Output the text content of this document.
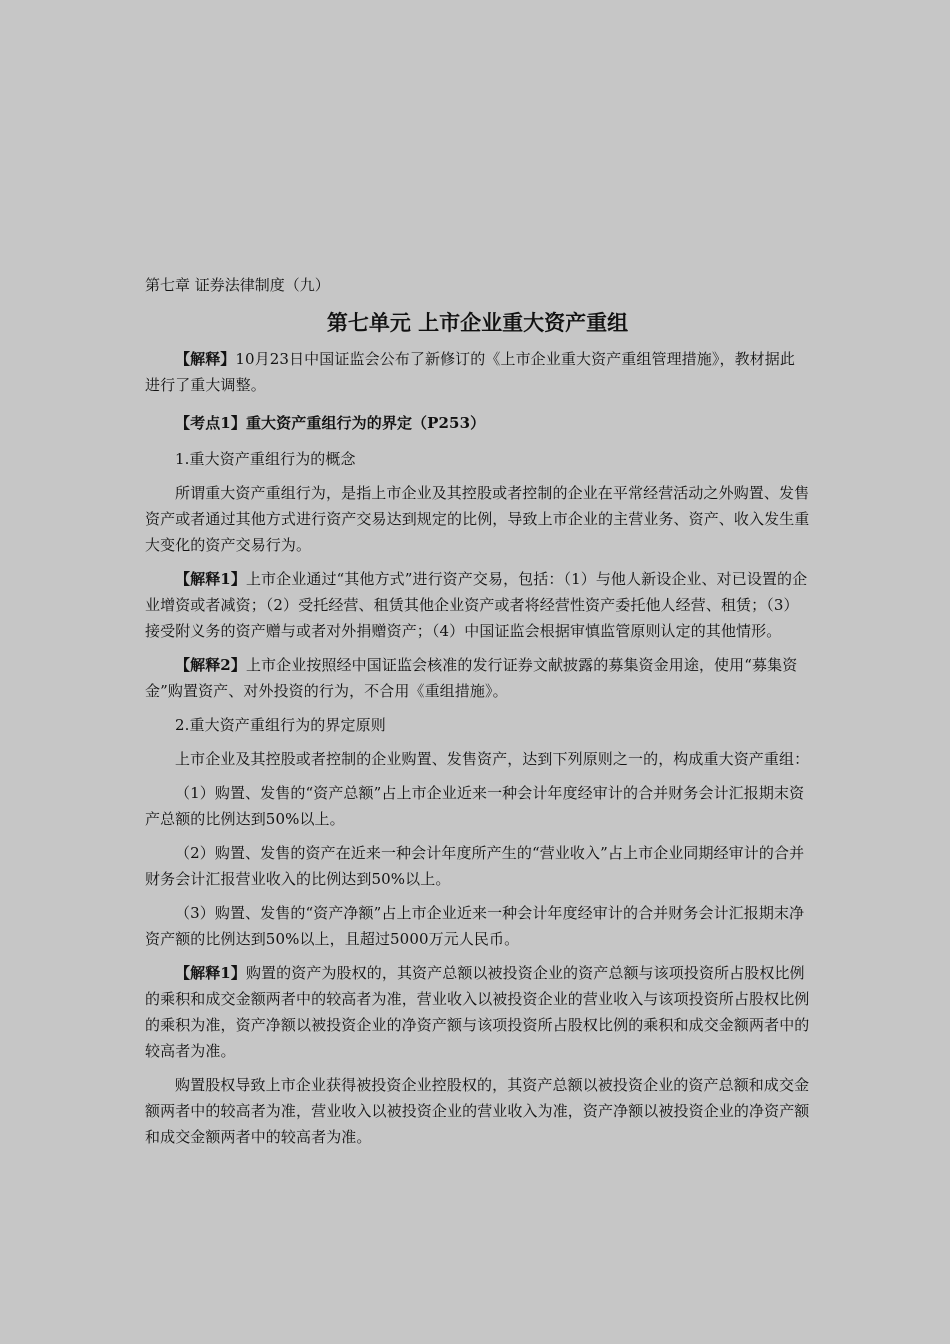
第七章 证券法律制度（九）
第七单元 上市企业重大资产重组

【解释】10月23日中国证监会公布了新修订的《上市企业重大资产重组管理措施》，教材据此进行了重大调整。

【考点1】重大资产重组行为的界定（P253）

1.重大资产重组行为的概念

所谓重大资产重组行为，是指上市企业及其控股或者控制的企业在平常经营活动之外购置、发售资产或者通过其他方式进行资产交易达到规定的比例，导致上市企业的主营业务、资产、收入发生重大变化的资产交易行为。

【解释1】上市企业通过“其他方式”进行资产交易，包括：（1）与他人新设企业、对已设置的企业增资或者减资；（2）受托经营、租赁其他企业资产或者将经营性资产委托他人经营、租赁；（3）接受附义务的资产赠与或者对外捐赠资产；（4）中国证监会根据审慎监管原则认定的其他情形。

【解释2】上市企业按照经中国证监会核准的发行证券文献披露的募集资金用途，使用“募集资金”购置资产、对外投资的行为，不合用《重组措施》。

2.重大资产重组行为的界定原则

上市企业及其控股或者控制的企业购置、发售资产，达到下列原则之一的，构成重大资产重组：

（1）购置、发售的“资产总额”占上市企业近来一种会计年度经审计的合并财务会计汇报期末资产总额的比例达到50%以上。

（2）购置、发售的资产在近来一种会计年度所产生的“营业收入”占上市企业同期经审计的合并财务会计汇报营业收入的比例达到50%以上。

（3）购置、发售的“资产净额”占上市企业近来一种会计年度经审计的合并财务会计汇报期末净资产额的比例达到50%以上，且超过5000万元人民币。

【解释1】购置的资产为股权的，其资产总额以被投资企业的资产总额与该项投资所占股权比例的乘积和成交金额两者中的较高者为准，营业收入以被投资企业的营业收入与该项投资所占股权比例的乘积为准，资产净额以被投资企业的净资产额与该项投资所占股权比例的乘积和成交金额两者中的较高者为准。

购置股权导致上市企业获得被投资企业控股权的，其资产总额以被投资企业的资产总额和成交金额两者中的较高者为准，营业收入以被投资企业的营业收入为准，资产净额以被投资企业的净资产额和成交金额两者中的较高者为准。
